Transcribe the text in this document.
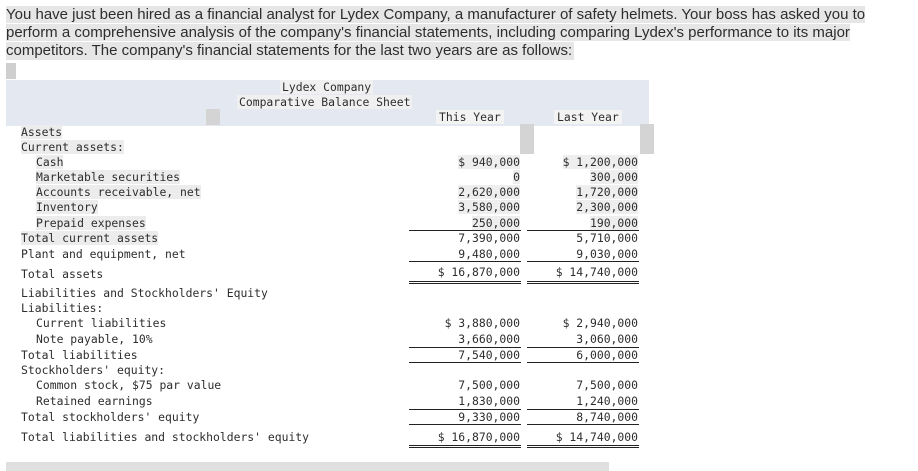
You have just been hired as a financial analyst for Lydex Company, a manufacturer of safety helmets. Your boss has asked you to
perform a comprehensive analysis of the company's financial statements, including comparing Lydex's performance to its major
competitors. The company's financial statements for the last two years are as follows:
Lydex Company
Comparative Balance Sheet
This Year	Last Year
Assets
Current assets:
Cash
Marketable securities
Accounts receivable, net
Inventory
Prepaid expenses
Total current assets
Plant and equipment, net
Total assets
Liabilities and Stockholders' Equity
Liabilities:
Current liabilities
Note payable, 10%
Total liabilities
Stockholders' equity:
Common stock, $75 par value
Retained earnings
Total stockholders' equity
Total liabilities and stockholders' equity
$ 940,000
0
2,620,000
3,580,000
250,000
7,390,000
9,480,000
$ 16,870,000
$ 3,880,000
3,660,000
7,540,000
7,500,000
1,830,000
9,330,000
$ 16,870,000
$ 1,200,000
300,000
1,720,000
2,300,000
190,000
5,710,000
9,030,000
$ 14,740,000
$ 2,940,000
3,060,000
6,000,000
7,500,000
1,240,000
8,740,000
$ 14,740,000
